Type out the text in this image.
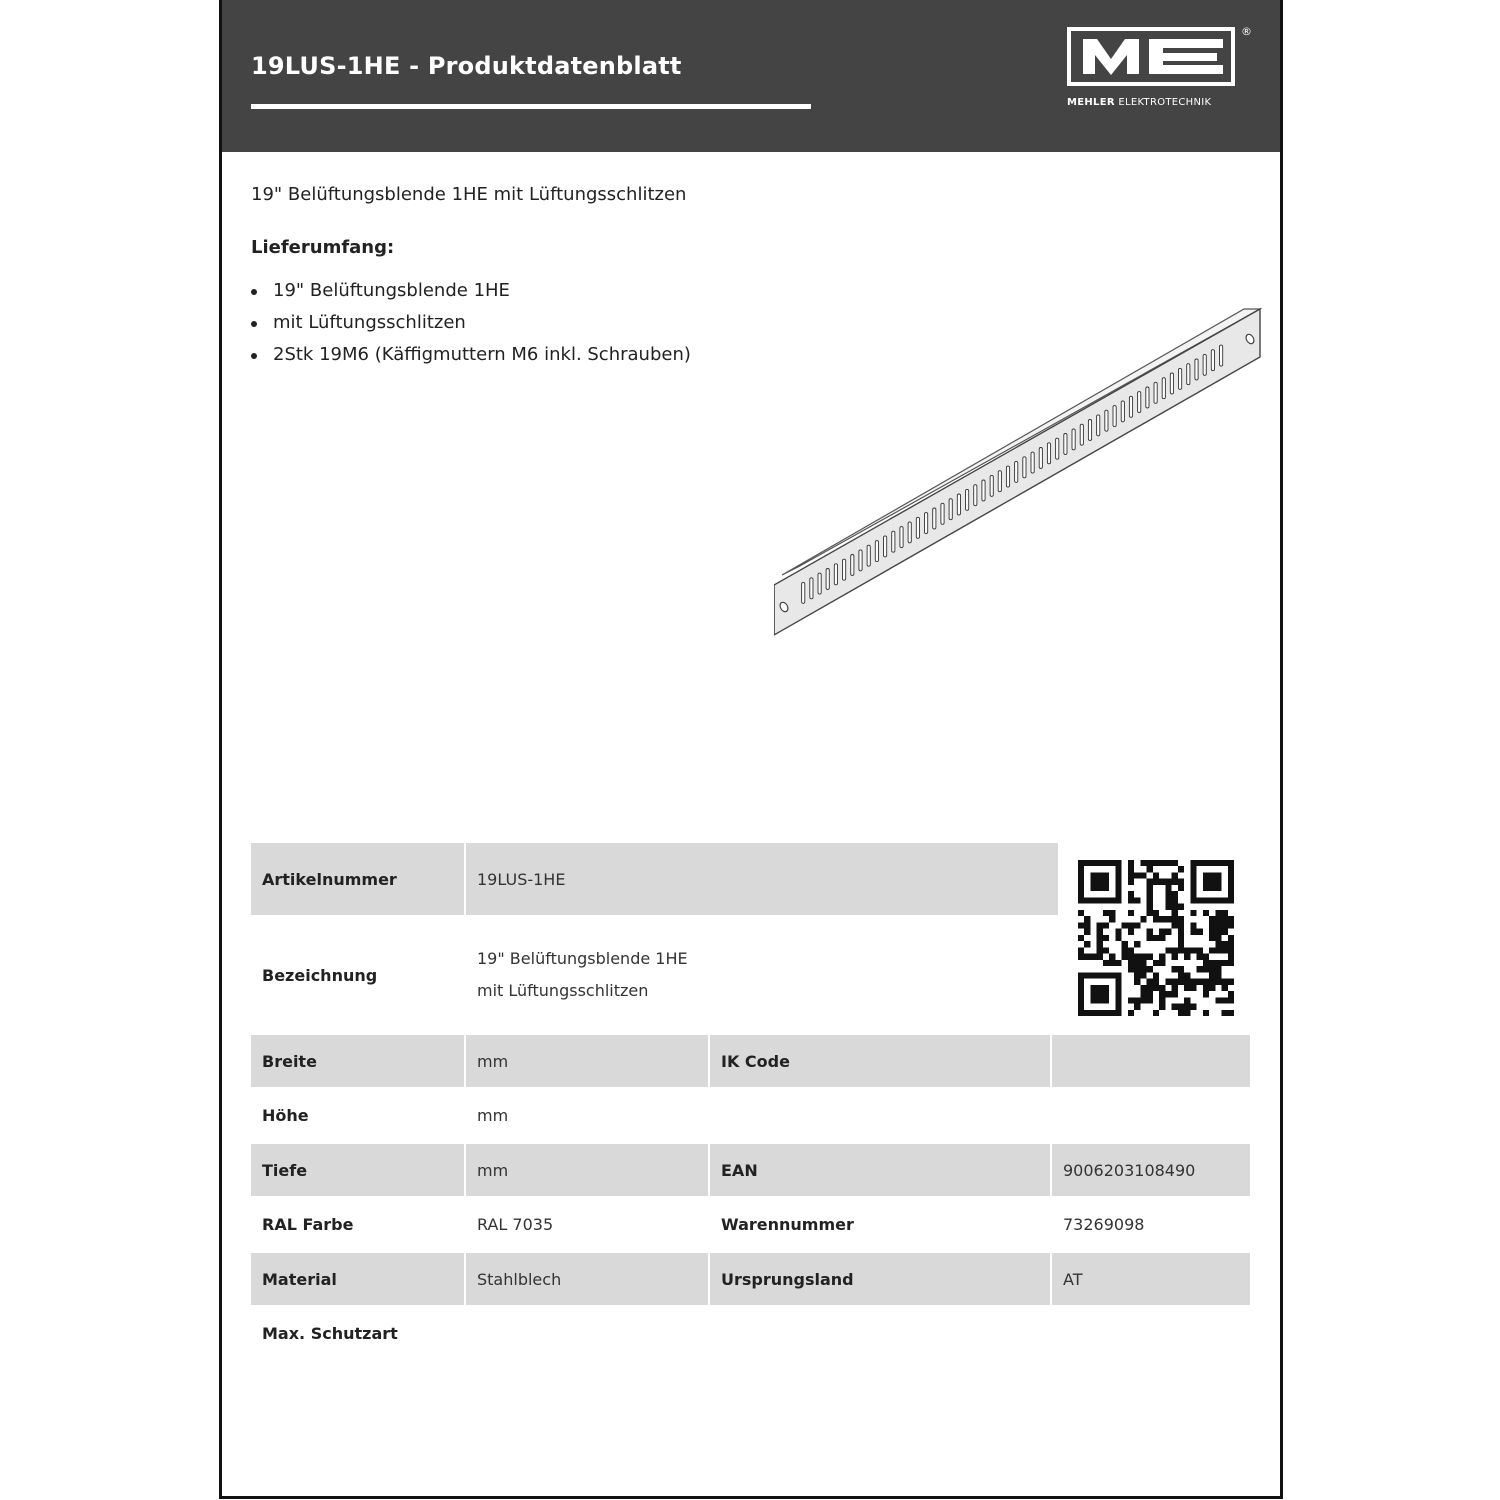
19LUS-1HE - Produktdatenblatt
®
MEHLER ELEKTROTECHNIK
19" Belüftungsblende 1HE mit Lüftungsschlitzen
Lieferumfang:
19" Belüftungsblende 1HE
mit Lüftungsschlitzen
2Stk 19M6 (Käffigmuttern M6 inkl. Schrauben)
Artikelnummer	19LUS-1HE
Bezeichnung
19" Belüftungsblende 1HE
mit Lüftungsschlitzen
Breite	mm	IK Code
Höhe	mm
Tiefe	mm	EAN	9006203108490
RAL Farbe	RAL 7035	Warennummer	73269098
Material	Stahlblech	Ursprungsland	AT
Max. Schutzart
